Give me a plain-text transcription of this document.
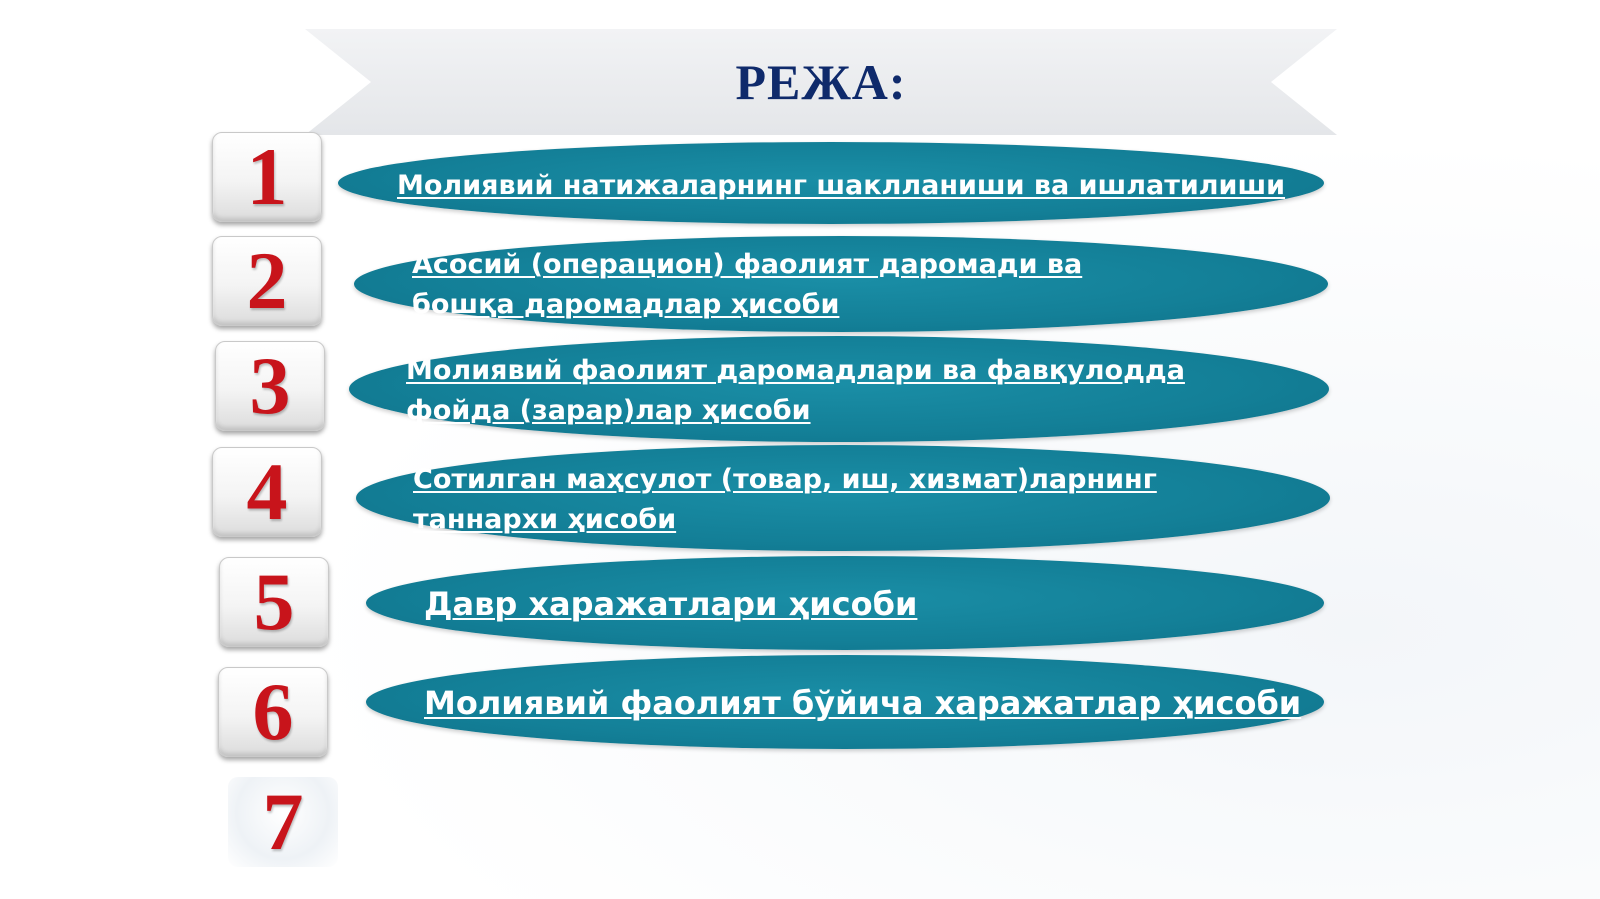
РЕЖА:
1	Молиявий натижаларнинг шаклланиши ва ишлатилиши
2	Асосий (операцион) фаолият даромади ва бошқа даромадлар ҳисоби
3	Молиявий фаолият даромадлари ва фавқулодда фойда (зарар)лар ҳисоби
4	Сотилган маҳсулот (товар, иш, хизмат)ларнинг таннархи ҳисоби
5	Давр харажатлари ҳисоби
6	Молиявий фаолият бўйича харажатлар ҳисоби
7
